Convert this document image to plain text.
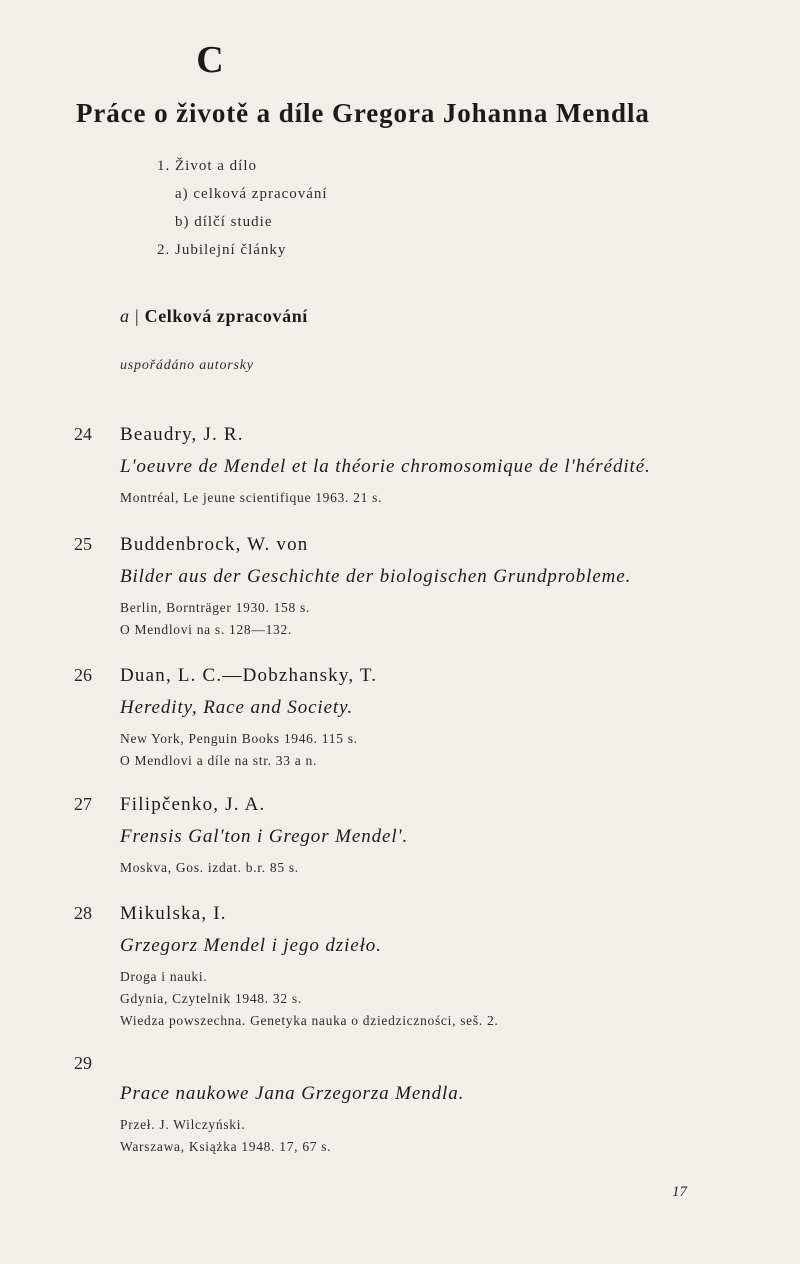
C
Práce o životě a díle Gregora Johanna Mendla
1. Život a dílo
a) celková zpracování
b) dílčí studie
2. Jubilejní články
a | Celková zpracování
uspořádáno autorsky
24 Beaudry, J. R.
L'oeuvre de Mendel et la théorie chromosomique de l'hérédité.
Montréal, Le jeune scientifique 1963. 21 s.
25 Buddenbrock, W. von
Bilder aus der Geschichte der biologischen Grundprobleme.
Berlin, Bornträger 1930. 158 s.
O Mendlovi na s. 128—132.
26 Duan, L. C.—Dobzhansky, T.
Heredity, Race and Society.
New York, Penguin Books 1946. 115 s.
O Mendlovi a díle na str. 33 a n.
27 Filipčenko, J. A.
Frensis Gal'ton i Gregor Mendel'.
Moskva, Gos. izdat. b.r. 85 s.
28 Mikulska, I.
Grzegorz Mendel i jego dzieło.
Droga i nauki.
Gdynia, Czytelnik 1948. 32 s.
Wiedza powszechna. Genetyka nauka o dziedziczności, seš. 2.
29
Prace naukowe Jana Grzegorza Mendla.
Przeł. J. Wilczyński.
Warszawa, Książka 1948. 17, 67 s.
17
